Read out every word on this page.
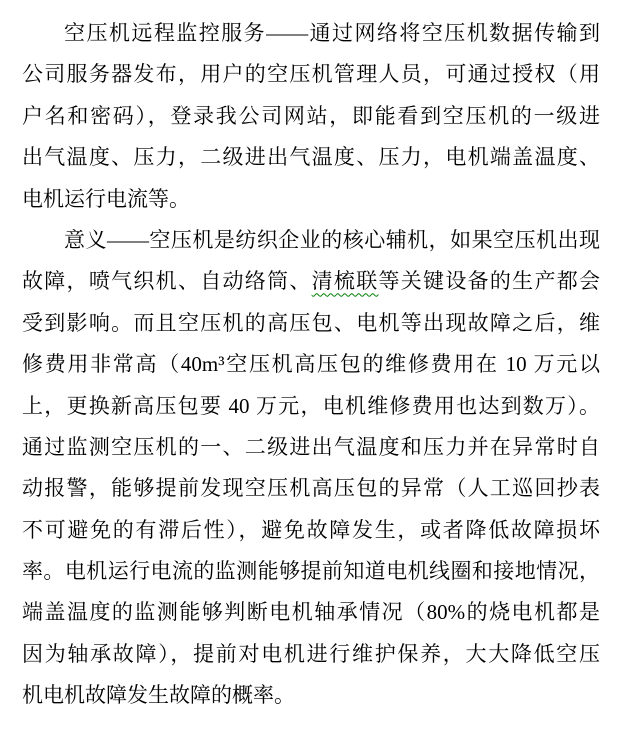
空压机远程监控服务——通过网络将空压机数据传输到
公司服务器发布，用户的空压机管理人员，可通过授权（用
户名和密码），登录我公司网站，即能看到空压机的一级进
出气温度、压力，二级进出气温度、压力，电机端盖温度、
电机运行电流等。
意义——空压机是纺织企业的核心辅机，如果空压机出现
故障，喷气织机、自动络筒、清梳联等关键设备的生产都会
受到影响。而且空压机的高压包、电机等出现故障之后，维
修费用非常高（40m³空压机高压包的维修费用在 10 万元以
上，更换新高压包要 40 万元，电机维修费用也达到数万）。
通过监测空压机的一、二级进出气温度和压力并在异常时自
动报警，能够提前发现空压机高压包的异常（人工巡回抄表
不可避免的有滞后性），避免故障发生，或者降低故障损坏
率。电机运行电流的监测能够提前知道电机线圈和接地情况，
端盖温度的监测能够判断电机轴承情况（80%的烧电机都是
因为轴承故障），提前对电机进行维护保养，大大降低空压
机电机故障发生故障的概率。
